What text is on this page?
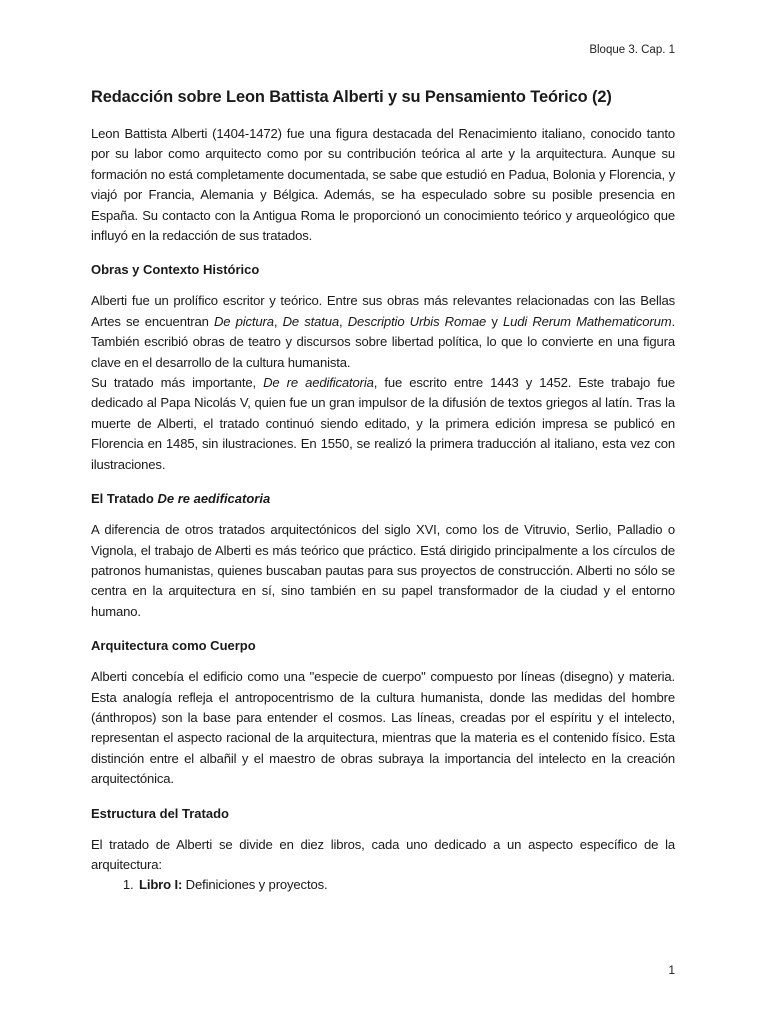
Bloque 3. Cap. 1
Redacción sobre Leon Battista Alberti y su Pensamiento Teórico (2)

Leon Battista Alberti (1404-1472) fue una figura destacada del Renacimiento italiano, conocido tanto por su labor como arquitecto como por su contribución teórica al arte y la arquitectura. Aunque su formación no está completamente documentada, se sabe que estudió en Padua, Bolonia y Florencia, y viajó por Francia, Alemania y Bélgica. Además, se ha especulado sobre su posible presencia en España. Su contacto con la Antigua Roma le proporcionó un conocimiento teórico y arqueológico que influyó en la redacción de sus tratados.

Obras y Contexto Histórico

Alberti fue un prolífico escritor y teórico. Entre sus obras más relevantes relacionadas con las Bellas Artes se encuentran De pictura, De statua, Descriptio Urbis Romae y Ludi Rerum Mathematicorum. También escribió obras de teatro y discursos sobre libertad política, lo que lo convierte en una figura clave en el desarrollo de la cultura humanista.

Su tratado más importante, De re aedificatoria, fue escrito entre 1443 y 1452. Este trabajo fue dedicado al Papa Nicolás V, quien fue un gran impulsor de la difusión de textos griegos al latín. Tras la muerte de Alberti, el tratado continuó siendo editado, y la primera edición impresa se publicó en Florencia en 1485, sin ilustraciones. En 1550, se realizó la primera traducción al italiano, esta vez con ilustraciones.

El Tratado De re aedificatoria

A diferencia de otros tratados arquitectónicos del siglo XVI, como los de Vitruvio, Serlio, Palladio o Vignola, el trabajo de Alberti es más teórico que práctico. Está dirigido principalmente a los círculos de patronos humanistas, quienes buscaban pautas para sus proyectos de construcción. Alberti no sólo se centra en la arquitectura en sí, sino también en su papel transformador de la ciudad y el entorno humano.

Arquitectura como Cuerpo

Alberti concebía el edificio como una "especie de cuerpo" compuesto por líneas (disegno) y materia. Esta analogía refleja el antropocentrismo de la cultura humanista, donde las medidas del hombre (ánthropos) son la base para entender el cosmos. Las líneas, creadas por el espíritu y el intelecto, representan el aspecto racional de la arquitectura, mientras que la materia es el contenido físico. Esta distinción entre el albañil y el maestro de obras subraya la importancia del intelecto en la creación arquitectónica.

Estructura del Tratado

El tratado de Alberti se divide en diez libros, cada uno dedicado a un aspecto específico de la arquitectura:

1. Libro I: Definiciones y proyectos.
1
